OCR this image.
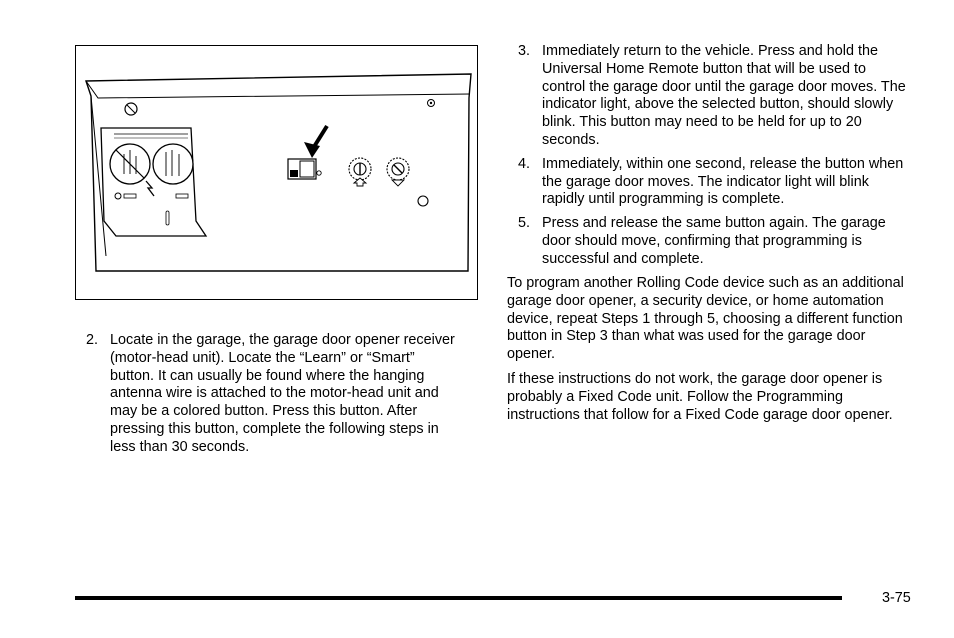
2. Locate in the garage, the garage door opener receiver (motor-head unit). Locate the “Learn” or “Smart” button. It can usually be found where the hanging antenna wire is attached to the motor-head unit and may be a colored button. Press this button. After pressing this button, complete the following steps in less than 30 seconds.
3. Immediately return to the vehicle. Press and hold the Universal Home Remote button that will be used to control the garage door until the garage door moves. The indicator light, above the selected button, should slowly blink. This button may need to be held for up to 20 seconds.
4. Immediately, within one second, release the button when the garage door moves. The indicator light will blink rapidly until programming is complete.
5. Press and release the same button again. The garage door should move, confirming that programming is successful and complete.

To program another Rolling Code device such as an additional garage door opener, a security device, or home automation device, repeat Steps 1 through 5, choosing a different function button in Step 3 than what was used for the garage door opener.

If these instructions do not work, the garage door opener is probably a Fixed Code unit. Follow the Programming instructions that follow for a Fixed Code garage door opener.

3-75
